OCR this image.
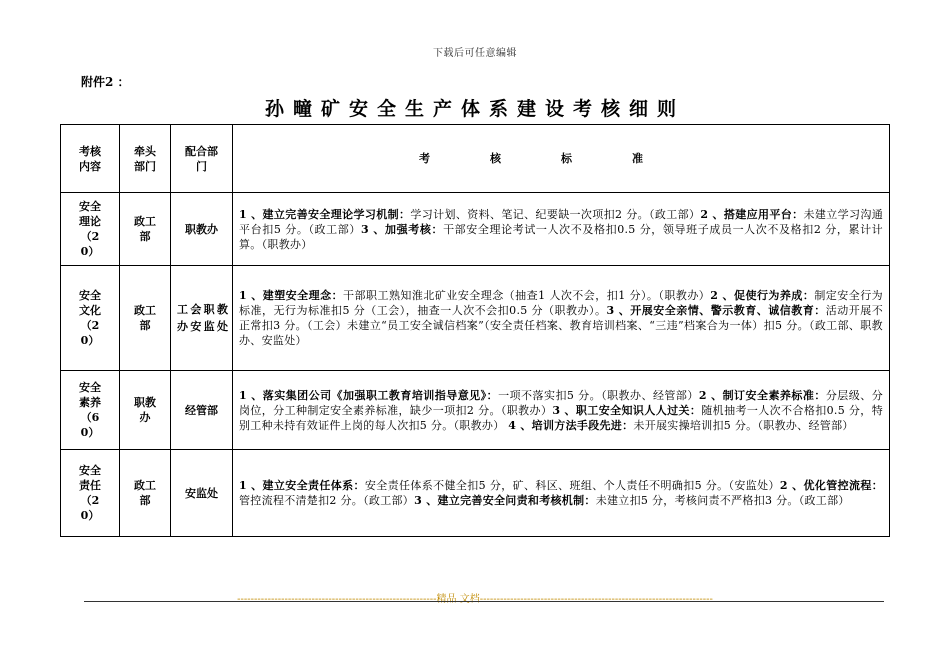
下载后可任意编辑
附件2 ：
孙疃矿安全生产体系建设考核细则
考核内容	牵头部门	配合部门	考核标准
安全理论（20）	政工部	职教办	1 、建立完善安全理论学习机制：学习计划、资料、笔记、纪要缺一次项扣2 分。（政工部）2 、搭建应用平台：未建立学习沟通平台扣5 分。（政工部）3 、加强考核：干部安全理论考试一人次不及格扣0.5 分，领导班子成员一人次不及格扣2 分，累计计算。（职教办）
安全文化（20）	政工部	工会职教办安监处	1 、建塑安全理念：干部职工熟知淮北矿业安全理念（抽查1 人次不会，扣1 分）。（职教办）2 、促使行为养成：制定安全行为标准，无行为标准扣5 分（工会），抽查一人次不会扣0.5 分（职教办）。3 、开展安全亲情、警示教育、诚信教育：活动开展不正常扣3 分。（工会）未建立“员工安全诚信档案”（安全责任档案、教育培训档案、“三违”档案合为一体）扣5 分。（政工部、职教办、安监处）
安全素养（60）	职教办	经管部	1 、落实集团公司《加强职工教育培训指导意见》：一项不落实扣5 分。（职教办、经管部）2 、制订安全素养标准：分层级、分岗位，分工种制定安全素养标准，缺少一项扣2 分。（职教办）3 、职工安全知识人人过关：随机抽考一人次不合格扣0.5 分，特别工种未持有效证件上岗的每人次扣5 分。（职教办） 4 、培训方法手段先进：未开展实操培训扣5 分。（职教办、经管部）
安全责任（20）	政工部	安监处	1 、建立安全责任体系：安全责任体系不健全扣5 分，矿、科区、班组、个人责任不明确扣5 分。（安监处）2 、优化管控流程：管控流程不清楚扣2 分。（政工部）3 、建立完善安全问责和考核机制：未建立扣5 分，考核问责不严格扣3 分。（政工部）
-----------------------------------------------------------精品 文档---------------------------------------------------------------------
